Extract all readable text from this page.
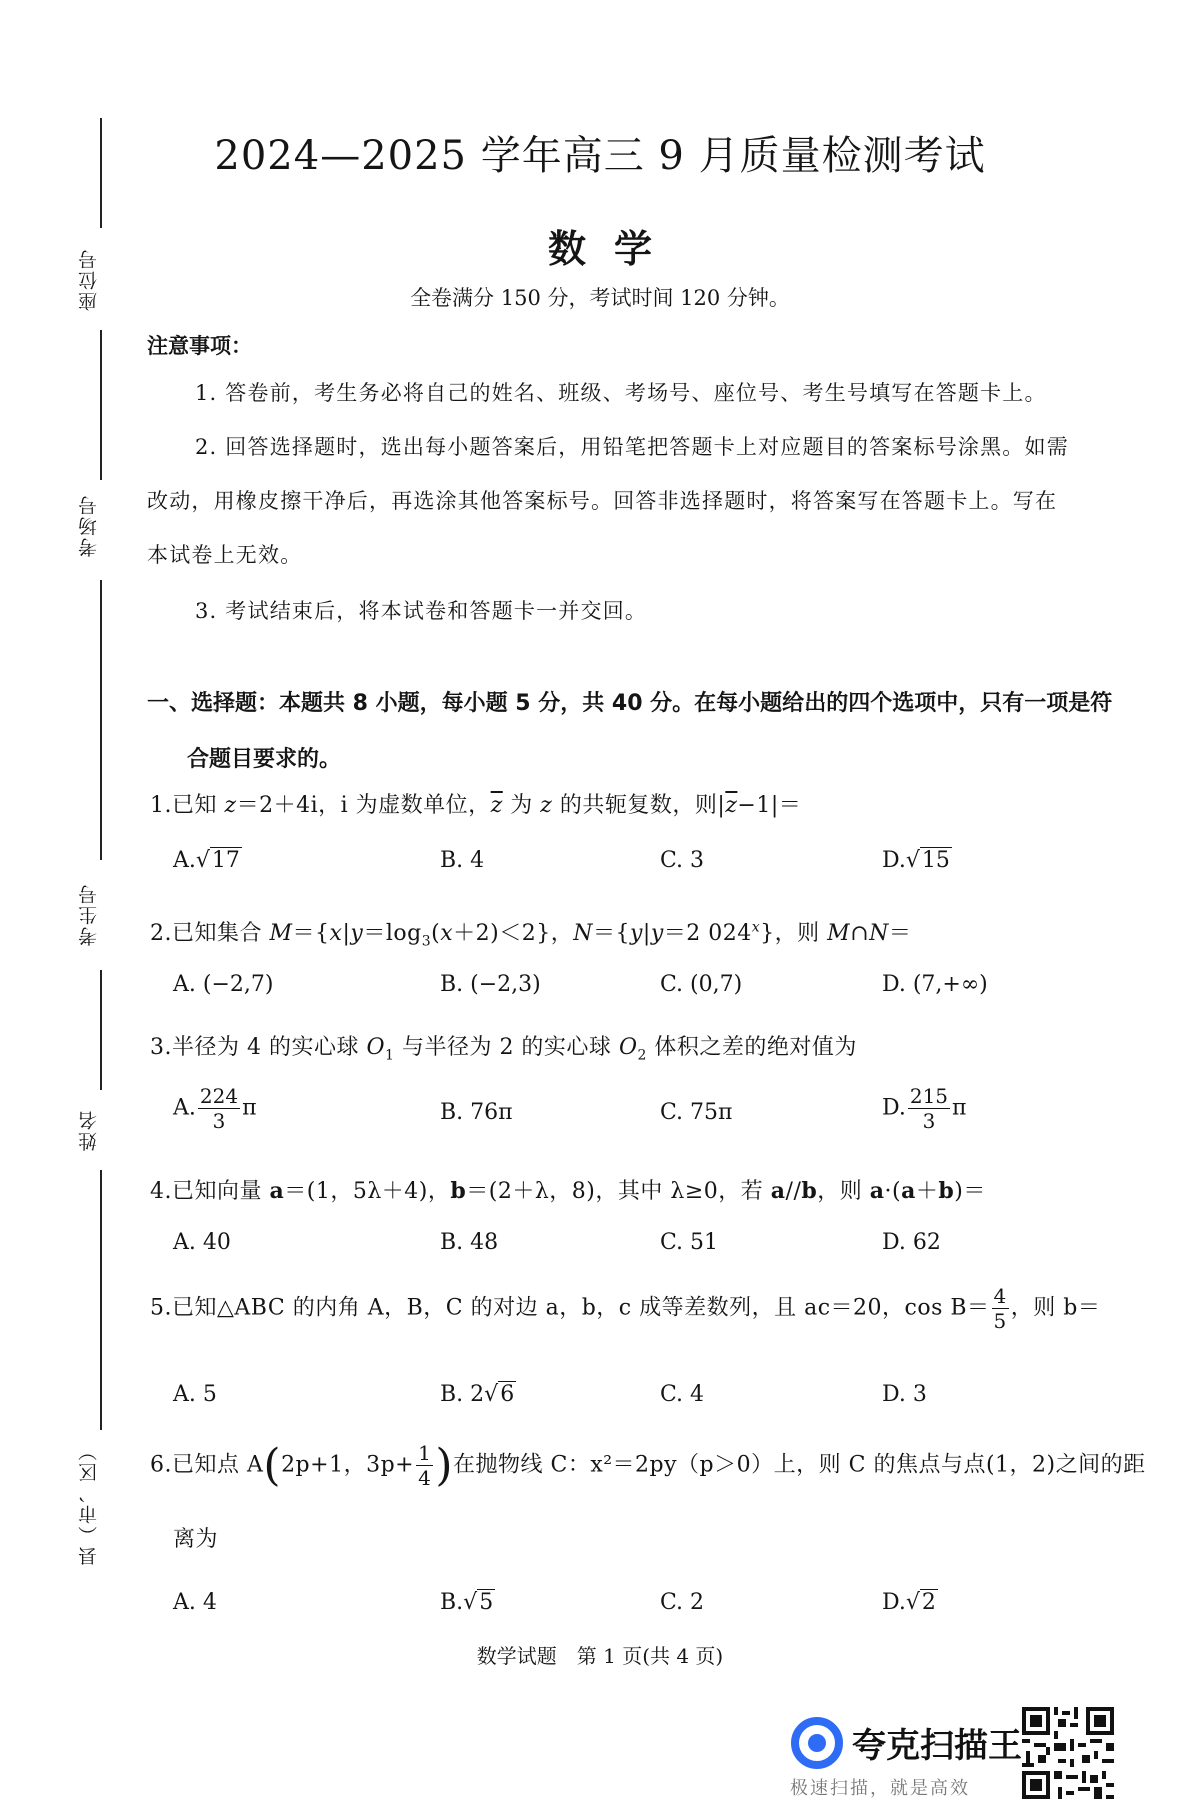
座位号
考场号
考生号
姓名
县（市、区）
2024—2025 学年高三 9 月质量检测考试
数学
全卷满分 150 分，考试时间 120 分钟。
注意事项：
1. 答卷前，考生务必将自己的姓名、班级、考场号、座位号、考生号填写在答题卡上。
2. 回答选择题时，选出每小题答案后，用铅笔把答题卡上对应题目的答案标号涂黑。如需
改动，用橡皮擦干净后，再选涂其他答案标号。回答非选择题时，将答案写在答题卡上。写在
本试卷上无效。
3. 考试结束后，将本试卷和答题卡一并交回。
一、选择题：本题共 8 小题，每小题 5 分，共 40 分。在每小题给出的四个选项中，只有一项是符
合题目要求的。
1.已知 z＝2＋4i，i 为虚数单位，$\overline{z}$ 为 z 的共轭复数，则$|\overline{z}-1|=$
A.√17	B. 4	C. 3	D.√15
2.已知集合 $M=\{x|y=\log_3(x+2)<2\}$，N＝{y|y＝2 024$^x$}，则 M∩N＝
A. (−2,7)	B. (−2,3)	C. (0,7)	D. (7,+∞)
3.半径为 4 的实心球 $O_1$ 与半径为 2 的实心球 $O_2$ 体积之差的绝对值为
A. $\frac{224}{3}$ π	B. 76π	C. 75π	D. $\frac{215}{3}$ π
4.已知向量 a＝(1，5λ＋4)，b＝(2＋λ，8)，其中 λ≥0，若 a//b，则 a·(a＋b)＝
A. 40	B. 48	C. 51	D. 62
5.已知△ABC 的内角 A，B，C 的对边 a，b，c 成等差数列，且 ac＝20，$\cos B= \frac{4}{5}$ ，则 b＝
A. 5	B. 2√6	C. 4	D. 3
6.已知点 A(2p+1，$3p+ \frac{1}{4}$ )在抛物线 C：x²＝2py（p＞0）上，则 C 的焦点与点(1，2)之间的距
离为
A. 4	B.√5	C. 2	D.√2
数学试题　第 1 页(共 4 页)
夸克扫描王
极速扫描，就是高效
